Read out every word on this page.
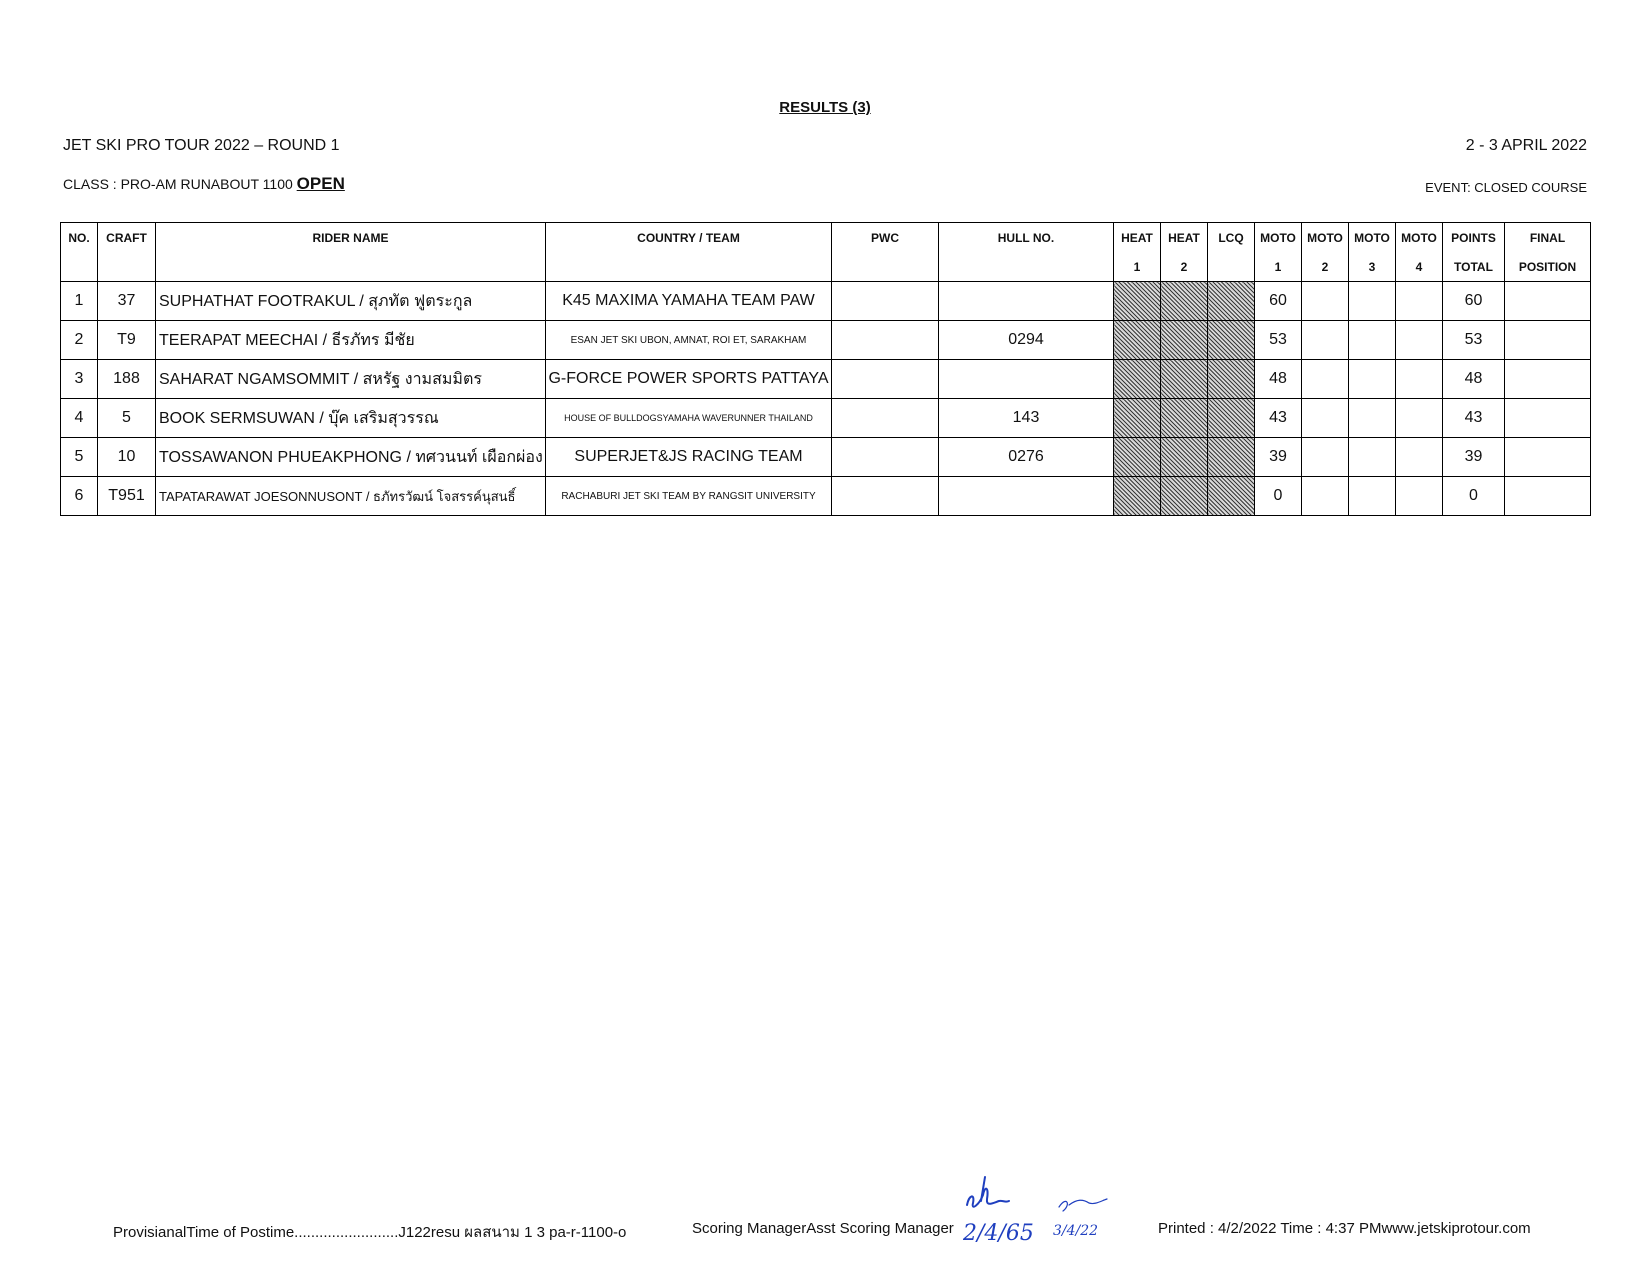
RESULTS (3)
JET SKI PRO TOUR 2022 – ROUND 1	2 - 3 APRIL 2022
CLASS : PRO-AM RUNABOUT 1100 OPEN	EVENT: CLOSED COURSE
NO.	CRAFT	RIDER NAME	COUNTRY / TEAM	PWC	HULL NO.	HEAT	HEAT	LCQ	MOTO	MOTO	MOTO	MOTO	POINTS	FINAL
						1	2		1	2	3	4	TOTAL	POSITION
1	37	SUPHATHAT FOOTRAKUL / สุภทัต ฟูตระกูล	K45 MAXIMA YAMAHA TEAM PAW						60				60	
2	T9	TEERAPAT MEECHAI / ธีรภัทร มีชัย	ESAN JET SKI UBON, AMNAT, ROI ET, SARAKHAM		0294				53				53	
3	188	SAHARAT NGAMSOMMIT / สหรัฐ งามสมมิตร	G-FORCE POWER SPORTS PATTAYA						48				48	
4	5	BOOK SERMSUWAN / บุ๊ค เสริมสุวรรณ	HOUSE OF BULLDOGSYAMAHA WAVERUNNER THAILAND		143				43				43	
5	10	TOSSAWANON PHUEAKPHONG / ทศวนนท์ เผือกผ่อง	SUPERJET&JS RACING TEAM		0276				39				39	
6	T951	TAPATARAWAT JOESONNUSONT / ธภัทรวัฒน์ โจสรรค์นุสนธิ์	RACHABURI JET SKI TEAM BY RANGSIT UNIVERSITY						0				0	
ProvisianalTime of Postime.........................J122resu ผลสนาม 1 3 pa-r-1100-o	Scoring ManagerAsst Scoring Manager	Printed : 4/2/2022 Time : 4:37 PMwww.jetskiprotour.com
2/4/65 3/4/22
